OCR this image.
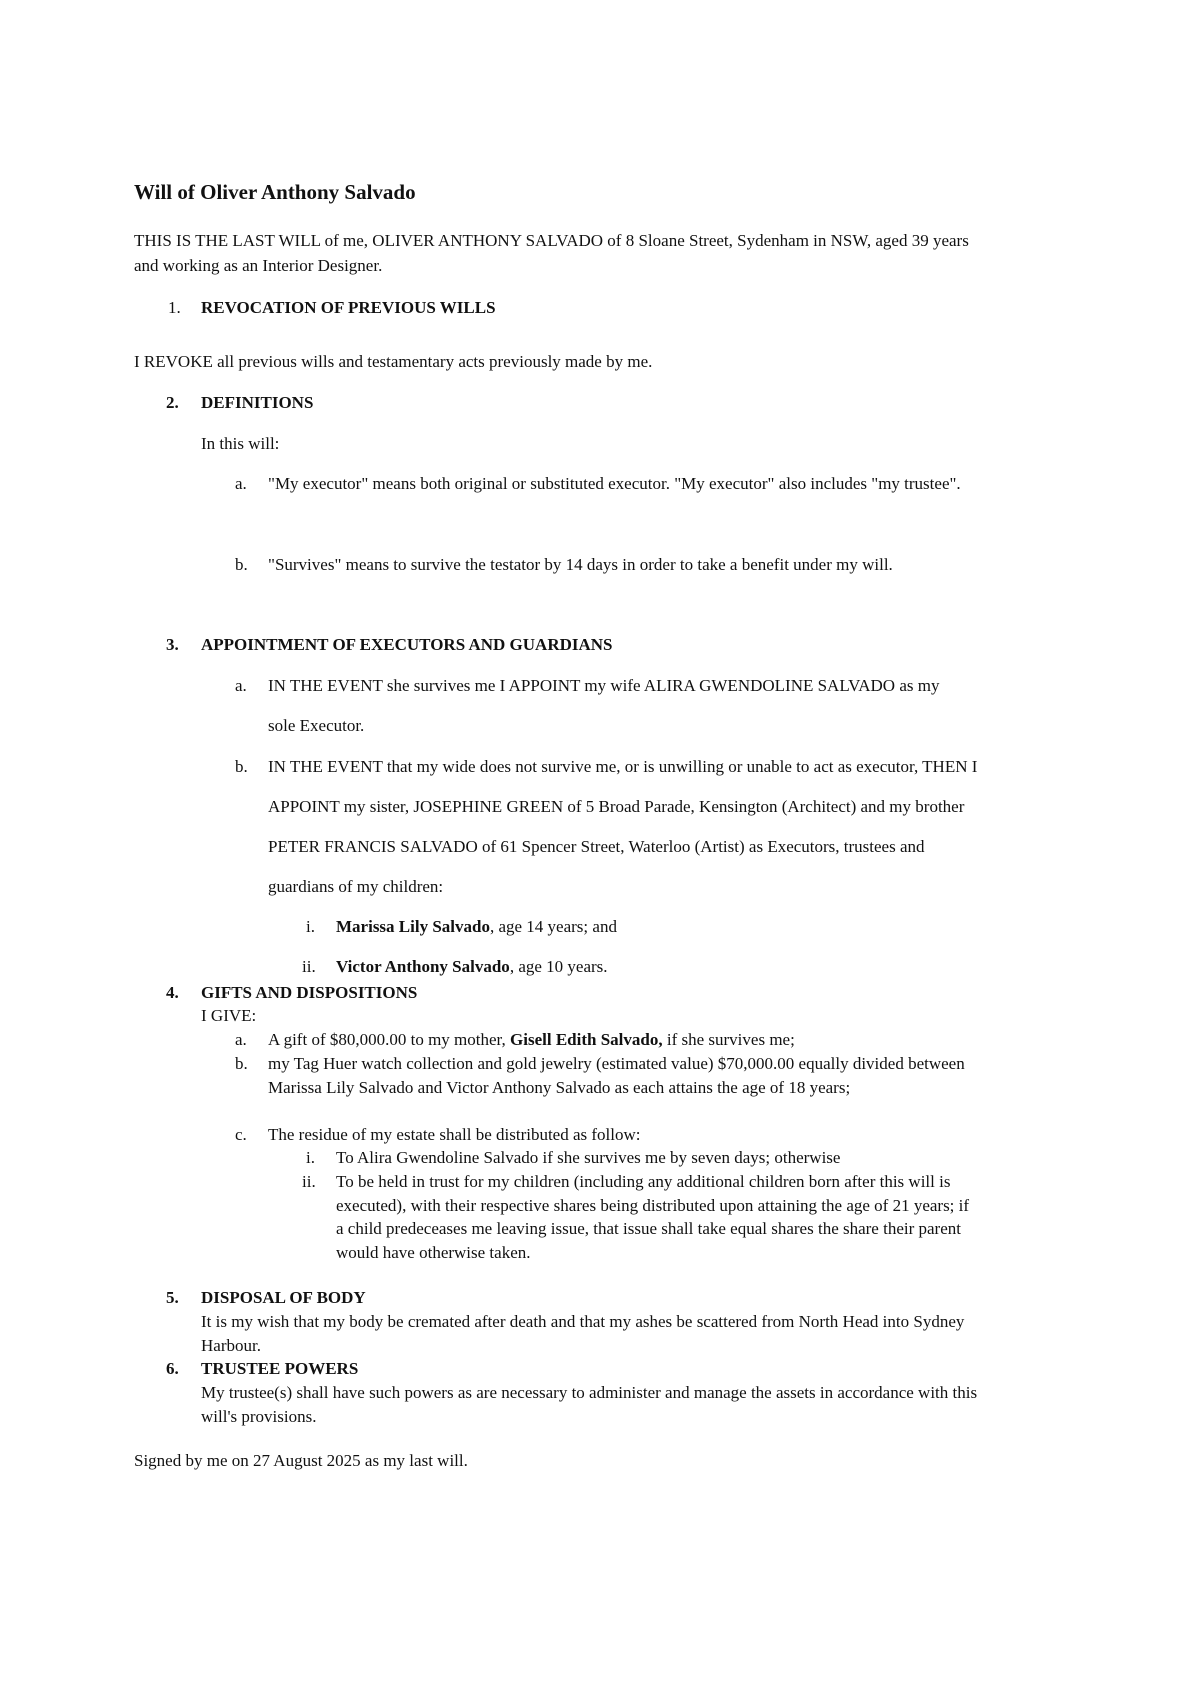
Will of Oliver Anthony Salvado
THIS IS THE LAST WILL of me, OLIVER ANTHONY SALVADO of 8 Sloane Street, Sydenham in NSW, aged 39 years and working as an Interior Designer.
1. REVOCATION OF PREVIOUS WILLS
I REVOKE all previous wills and testamentary acts previously made by me.
2. DEFINITIONS
In this will:
a. "My executor" means both original or substituted executor. "My executor" also includes "my trustee".
b. "Survives" means to survive the testator by 14 days in order to take a benefit under my will.
3. APPOINTMENT OF EXECUTORS AND GUARDIANS
a. IN THE EVENT she survives me I APPOINT my wife ALIRA GWENDOLINE SALVADO as my sole Executor.
b. IN THE EVENT that my wide does not survive me, or is unwilling or unable to act as executor, THEN I APPOINT my sister, JOSEPHINE GREEN of 5 Broad Parade, Kensington (Architect) and my brother PETER FRANCIS SALVADO of 61 Spencer Street, Waterloo (Artist) as Executors, trustees and guardians of my children:
i. Marissa Lily Salvado, age 14 years; and
ii. Victor Anthony Salvado, age 10 years.
4. GIFTS AND DISPOSITIONS
I GIVE:
a. A gift of $80,000.00 to my mother, Gisell Edith Salvado, if she survives me;
b. my Tag Huer watch collection and gold jewelry (estimated value) $70,000.00 equally divided between Marissa Lily Salvado and Victor Anthony Salvado as each attains the age of 18 years;
c. The residue of my estate shall be distributed as follow:
i. To Alira Gwendoline Salvado if she survives me by seven days; otherwise
ii. To be held in trust for my children (including any additional children born after this will is executed), with their respective shares being distributed upon attaining the age of 21 years; if a child predeceases me leaving issue, that issue shall take equal shares the share their parent would have otherwise taken.
5. DISPOSAL OF BODY
It is my wish that my body be cremated after death and that my ashes be scattered from North Head into Sydney Harbour.
6. TRUSTEE POWERS
My trustee(s) shall have such powers as are necessary to administer and manage the assets in accordance with this will's provisions.
Signed by me on 27 August 2025 as my last will.
